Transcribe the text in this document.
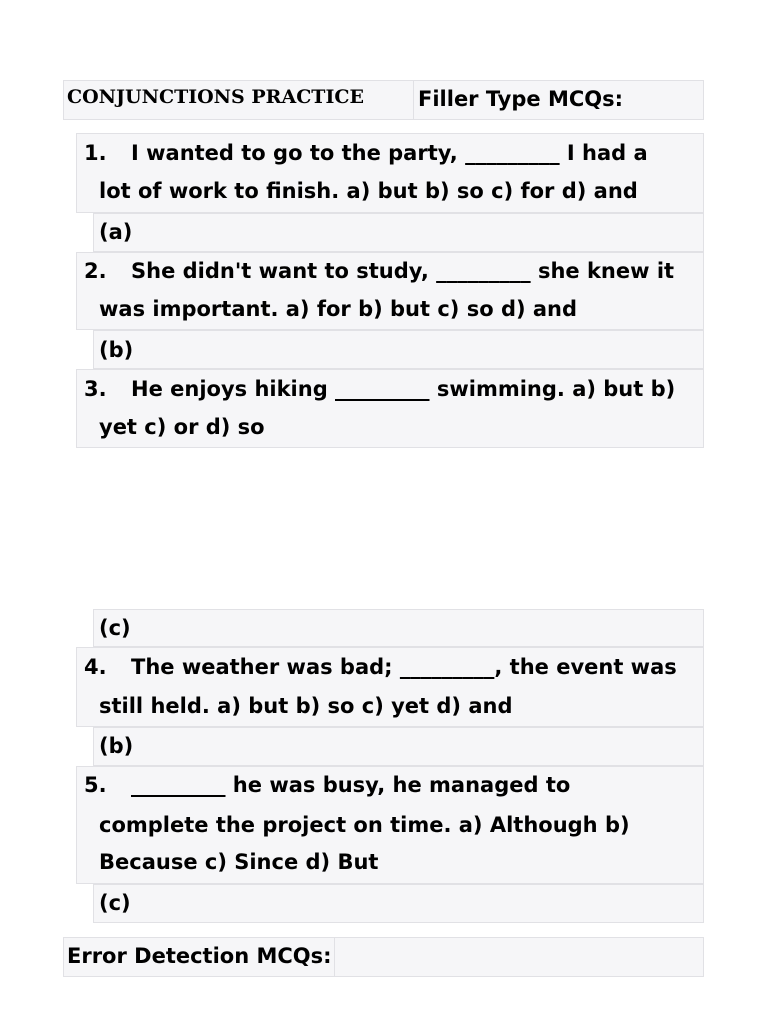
CONJUNCTIONS PRACTICE	Filler Type MCQs:
1. I wanted to go to the party, _________ I had a
lot of work to finish. a) but b) so c) for d) and
(a)
2. She didn't want to study, _________ she knew it
was important. a) for b) but c) so d) and
(b)
3. He enjoys hiking _________ swimming. a) but b)
yet c) or d) so
(c)
4. The weather was bad; _________, the event was
still held. a) but b) so c) yet d) and
(b)
5. _________ he was busy, he managed to
complete the project on time. a) Although b)
Because c) Since d) But
(c)
Error Detection MCQs:
